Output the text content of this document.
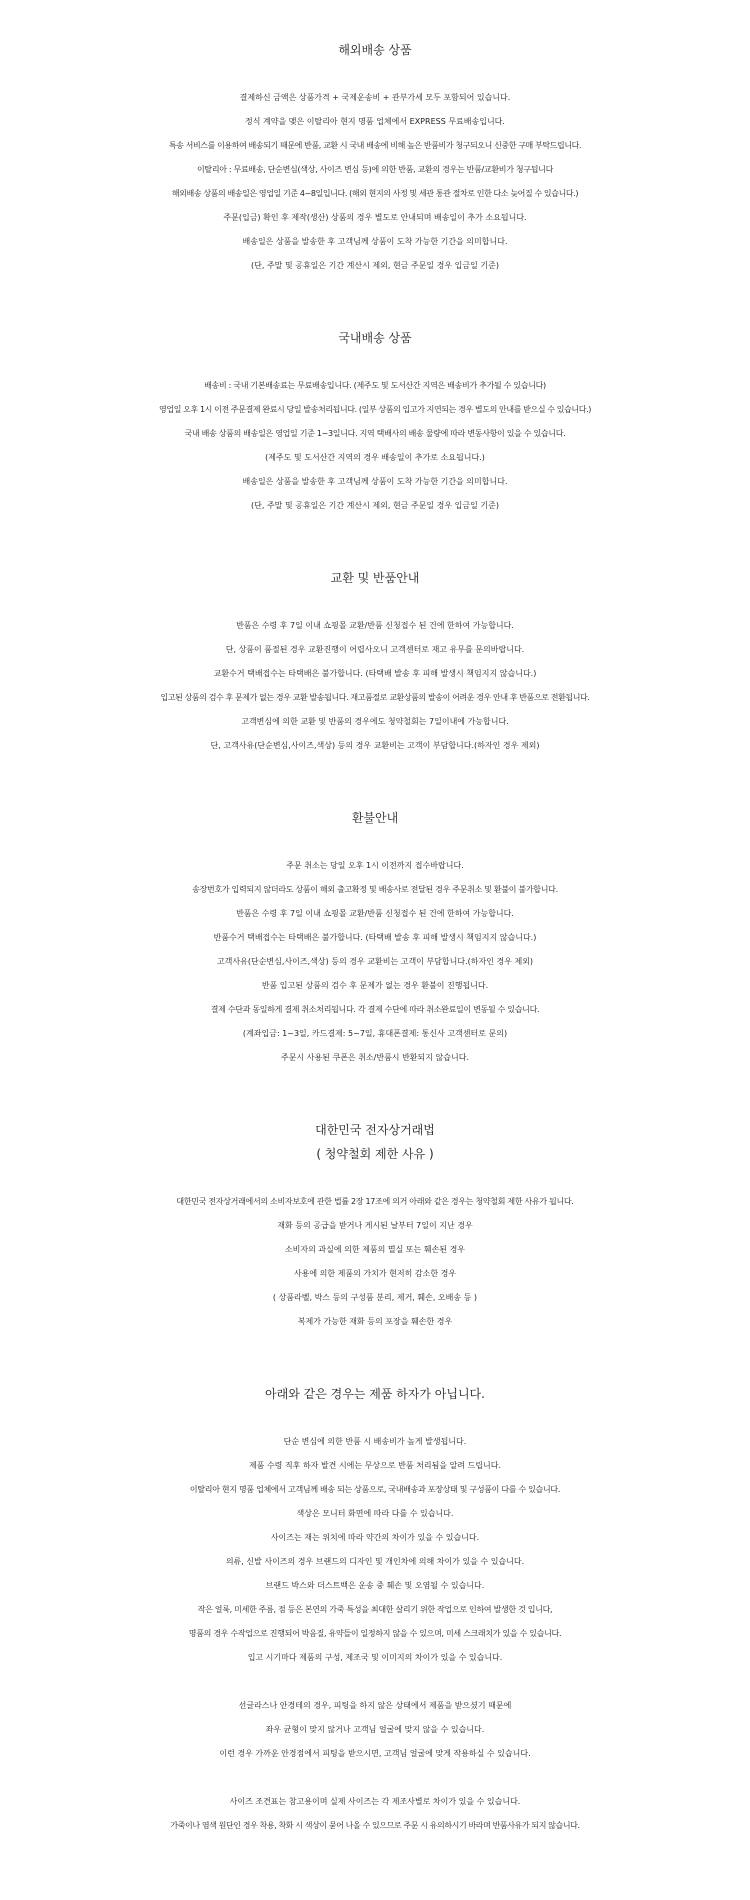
해외배송 상품

결제하신 금액은 상품가격 + 국제운송비 + 관부가세 모두 포함되어 있습니다.
정식 계약을 맺은 이탈리아 현지 명품 업체에서 EXPRESS 무료배송입니다.
특송 서비스를 이용하여 배송되기 때문에 반품, 교환 시 국내 배송에 비해 높은 반품비가 청구되오니 신중한 구매 부탁드립니다.
이탈리아 : 무료배송, 단순변심(색상, 사이즈 변심 등)에 의한 반품, 교환의 경우는 반품/교환비가 청구됩니다
해외배송 상품의 배송일은 영업일 기준 4~8일입니다. (해외 현지의 사정 및 세관 통관 절차로 인한 다소 늦어질 수 있습니다.)
주문(입금) 확인 후 제작(생산) 상품의 경우 별도로 안내되며 배송일이 추가 소요됩니다.
배송일은 상품을 발송한 후 고객님께 상품이 도착 가능한 기간을 의미합니다.
(단, 주말 및 공휴일은 기간 계산시 제외, 현금 주문일 경우 입금일 기준)

국내배송 상품

배송비 : 국내 기본배송료는 무료배송입니다. (제주도 및 도서산간 지역은 배송비가 추가될 수 있습니다)
영업일 오후 1시 이전 주문결제 완료시 당일 발송처리됩니다. (일부 상품의 입고가 지연되는 경우 별도의 안내를 받으실 수 있습니다.)
국내 배송 상품의 배송일은 영업일 기준 1~3일니다. 지역 택배사의 배송 물량에 따라 변동사항이 있을 수 있습니다.
(제주도 및 도서산간 지역의 경우 배송일이 추가로 소요됩니다.)
배송일은 상품을 발송한 후 고객님께 상품이 도착 가능한 기간을 의미합니다.
(단, 주말 및 공휴일은 기간 계산시 제외, 현금 주문일 경우 입금일 기준)

교환 및 반품안내

반품은 수령 후 7일 이내 쇼핑몰 교환/반품 신청접수 된 건에 한하여 가능합니다.
단, 상품이 품절된 경우 교환진행이 어렵사오니 고객센터로 재고 유무를 문의바랍니다.
교환수거 택배접수는 타택배은 불가합니다. (타택배 발송 후 피해 발생시 책임지지 않습니다.)
입고된 상품의 검수 후 문제가 없는 경우 교환 발송됩니다. 재고품절로 교환상품의 발송이 어려운 경우 안내 후 반품으로 전환됩니다.
고객변심에 의한 교환 및 반품의 경우에도 청약철회는 7일이내에 가능합니다.
단, 고객사유(단순변심,사이즈,색상) 등의 경우 교환비는 고객이 부담합니다.(하자인 경우 제외)

환불안내

주문 취소는 당일 오후 1시 이전까지 접수바랍니다.
송장번호가 입력되지 않더라도 상품이 해외 출고확정 및 배송사로 전달된 경우 주문취소 및 환불이 불가합니다.
반품은 수령 후 7일 이내 쇼핑몰 교환/반품 신청접수 된 건에 한하여 가능합니다.
반품수거 택배접수는 타택배은 불가합니다. (타택배 발송 후 피해 발생시 책임지지 않습니다.)
고객사유(단순변심,사이즈,색상) 등의 경우 교환비는 고객이 부담합니다.(하자인 경우 제외)
반품 입고된 상품의 검수 후 문제가 없는 경우 환불이 진행됩니다.
결제 수단과 동일하게 결제 취소처리됩니다. 각 결제 수단에 따라 취소완료일이 변동될 수 있습니다.
(계좌입금: 1~3일, 카드결제: 5~7일, 휴대폰결제: 통신사 고객센터로 문의)
주문시 사용된 쿠폰은 취소/반품시 반환되지 않습니다.

대한민국 전자상거래법
( 청약철회 제한 사유 )

대한민국 전자상거래에서의 소비자보호에 관한 법률 2장 17조에 의거 아래와 같은 경우는 청약철회 제한 사유가 됩니다.
재화 등의 공급을 받거나 게시된 날부터 7일이 지난 경우
소비자의 과실에 의한 제품의 멸실 또는 훼손된 경우
사용에 의한 제품의 가치가 현저히 감소한 경우
( 상품라벨, 박스 등의 구성품 분리, 제거, 훼손, 오배송 등 )
복제가 가능한 재화 등의 포장을 훼손한 경우

아래와 같은 경우는 제품 하자가 아닙니다.

단순 변심에 의한 반품 시 배송비가 높게 발생됩니다.
제품 수령 직후 하자 발견 시에는 무상으로 반품 처리됨을 알려 드립니다.
이탈리아 현지 명품 업체에서 고객님께 배송 되는 상품으로, 국내배송과 포장상태 및 구성품이 다를 수 있습니다.
색상은 모니터 화면에 따라 다를 수 있습니다.
사이즈는 재는 위치에 따라 약간의 차이가 있을 수 있습니다.
의류, 신발 사이즈의 경우 브랜드의 디자인 및 개인차에 의해 차이가 있을 수 있습니다.
브랜드 박스와 더스트백은 운송 중 훼손 및 오염될 수 있습니다.
작은 얼룩, 미세한 주름, 점 등은 본연의 가죽 특성을 최대한 살리기 위한 작업으로 인하여 발생한 것 입니다,
명품의 경우 수작업으로 진행되어 박음질, 유약들이 일정하지 않을 수 있으며, 미세 스크래치가 있을 수 있습니다.
입고 시기마다 제품의 구성, 제조국 및 이미지의 차이가 있을 수 있습니다.

선글라스나 안경테의 경우, 피팅을 하지 않은 상태에서 제품을 받으셨기 때문에
좌우 균형이 맞지 않거나 고객님 얼굴에 맞지 않을 수 있습니다.
이런 경우 가까운 안경점에서 피팅을 받으시면, 고객님 얼굴에 맞게 작용하실 수 있습니다.

사이즈 조견표는 참고용이며 실제 사이즈는 각 제조사별로 차이가 있을 수 있습니다.
가죽이나 염색 원단인 경우 착용, 착화 시 색상이 묻어 나올 수 있으므로 주문 시 유의하시기 바라며 반품사유가 되지 않습니다.
